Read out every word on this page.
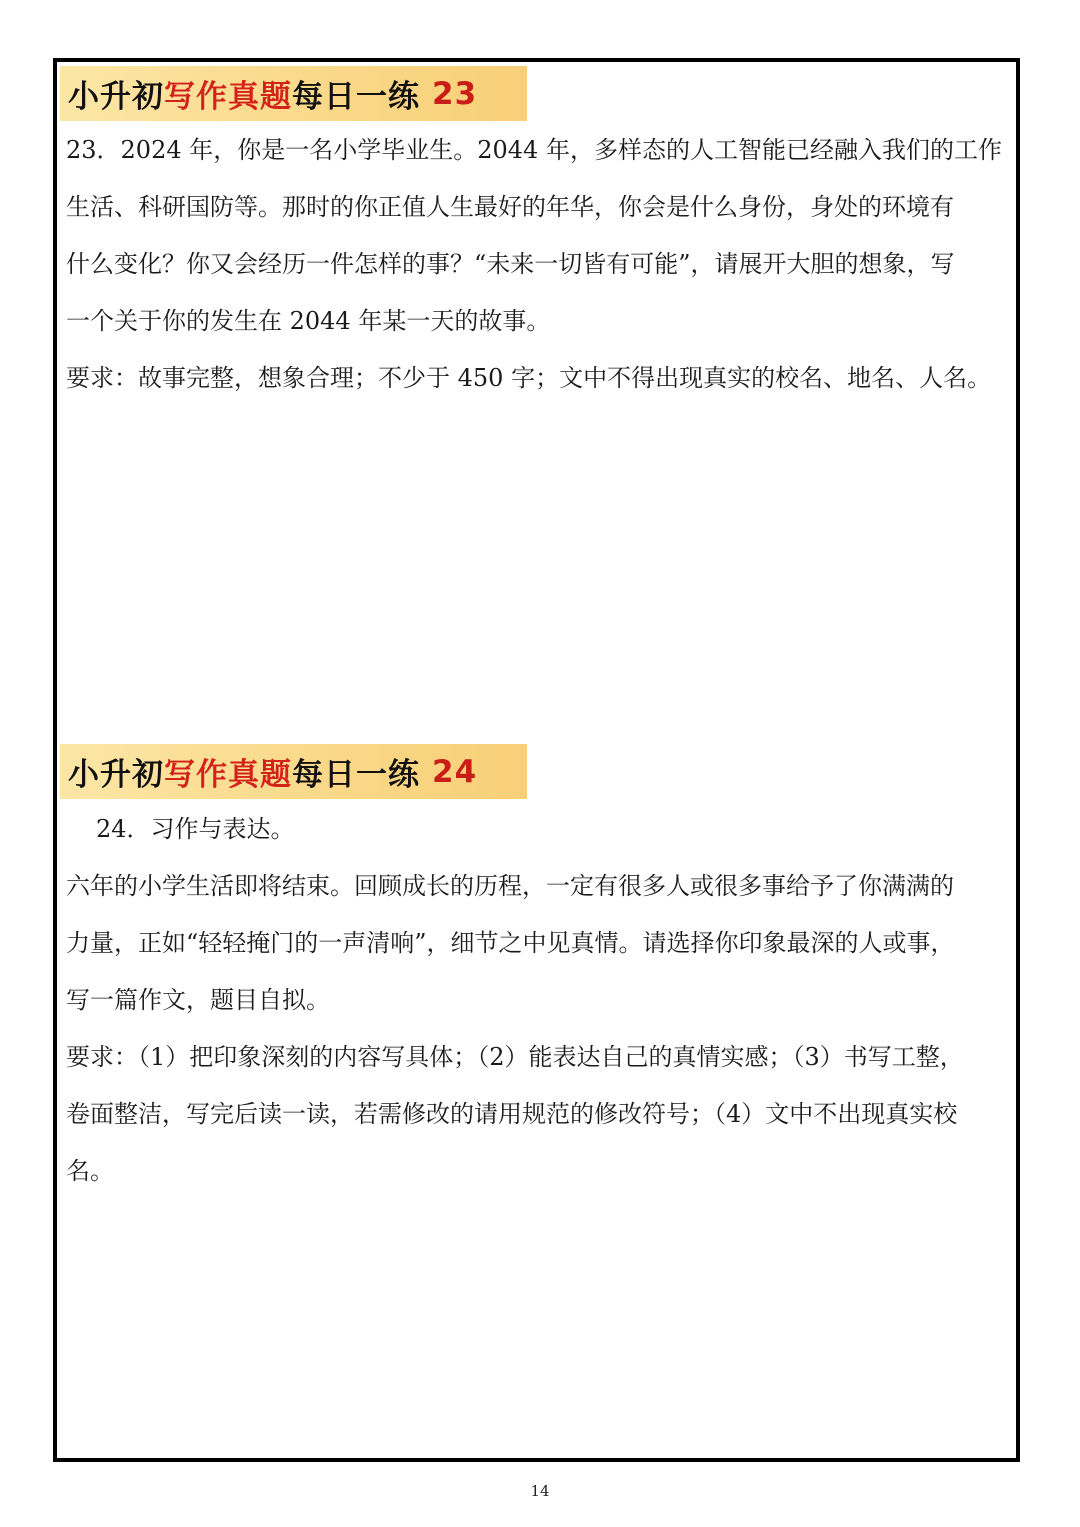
小升初 写作真题 每日一练 23

23．2024 年，你是一名小学毕业生。2044 年，多样态的人工智能已经融入我们的工作

生活、科研国防等。那时的你正值人生最好的年华，你会是什么身份，身处的环境有

什么变化？你又会经历一件怎样的事？“未来一切皆有可能”，请展开大胆的想象，写

一个关于你的发生在 2044 年某一天的故事。

要求：故事完整，想象合理；不少于 450 字；文中不得出现真实的校名、地名、人名。

小升初 写作真题 每日一练 24

24．习作与表达。

六年的小学生活即将结束。回顾成长的历程，一定有很多人或很多事给予了你满满的

力量，正如“轻轻掩门的一声清响”，细节之中见真情。请选择你印象最深的人或事，

写一篇作文，题目自拟。

要求：（1）把印象深刻的内容写具体；（2）能表达自己的真情实感；（3）书写工整，

卷面整洁，写完后读一读，若需修改的请用规范的修改符号；（4）文中不出现真实校

名。

14
